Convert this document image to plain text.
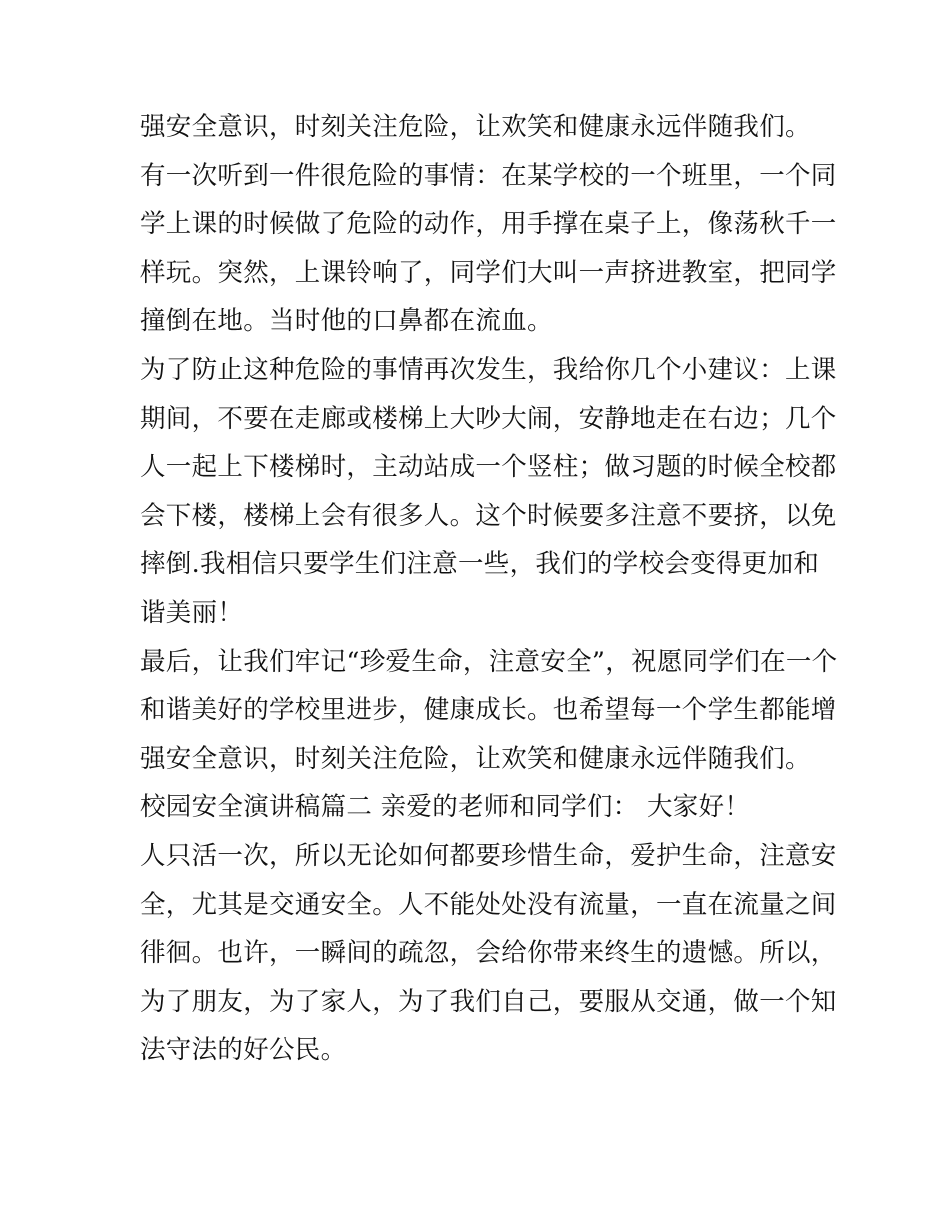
强安全意识，时刻关注危险，让欢笑和健康永远伴随我们。
有一次听到一件很危险的事情：在某学校的一个班里，一个同
学上课的时候做了危险的动作，用手撑在桌子上，像荡秋千一
样玩。突然，上课铃响了，同学们大叫一声挤进教室，把同学
撞倒在地。当时他的口鼻都在流血。
为了防止这种危险的事情再次发生，我给你几个小建议：上课
期间，不要在走廊或楼梯上大吵大闹，安静地走在右边；几个
人一起上下楼梯时，主动站成一个竖柱；做习题的时候全校都
会下楼，楼梯上会有很多人。这个时候要多注意不要挤，以免
摔倒.我相信只要学生们注意一些，我们的学校会变得更加和
谐美丽！
最后，让我们牢记“珍爱生命，注意安全”，祝愿同学们在一个
和谐美好的学校里进步，健康成长。也希望每一个学生都能增
强安全意识，时刻关注危险，让欢笑和健康永远伴随我们。
校园安全演讲稿篇二 亲爱的老师和同学们： 大家好！
人只活一次，所以无论如何都要珍惜生命，爱护生命，注意安
全，尤其是交通安全。人不能处处没有流量，一直在流量之间
徘徊。也许，一瞬间的疏忽，会给你带来终生的遗憾。所以，
为了朋友，为了家人，为了我们自己，要服从交通，做一个知
法守法的好公民。
